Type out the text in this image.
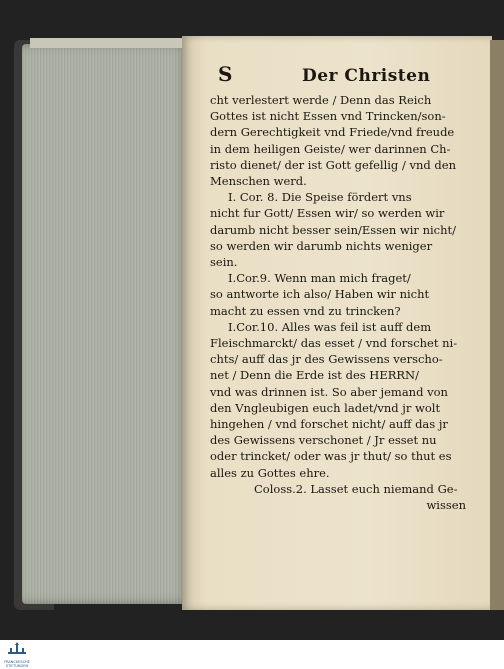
S	Der Christen
cht verlestert werde / Denn das Reich
Gottes ist nicht Essen vnd Trincken/son-
dern Gerechtigkeit vnd Friede/vnd freude
in dem heiligen Geiste/ wer darinnen Ch-
risto dienet/ der ist Gott gefellig / vnd den
Menschen werd.
I. Cor. 8. Die Speise fördert vns
nicht fur Gott/ Essen wir/ so werden wir
darumb nicht besser sein/Essen wir nicht/
so werden wir darumb nichts weniger
sein.
I.Cor.9. Wenn man mich fraget/
so antworte ich also/ Haben wir nicht
macht zu essen vnd zu trincken?
I.Cor.10. Alles was feil ist auff dem
Fleischmarckt/ das esset / vnd forschet ni-
chts/ auff das jr des Gewissens verscho-
net / Denn die Erde ist des HERRN/
vnd was drinnen ist. So aber jemand von
den Vngleubigen euch ladet/vnd jr wolt
hingehen / vnd forschet nicht/ auff das jr
des Gewissens verschonet / Jr esset nu
oder trincket/ oder was jr thut/ so thut es
alles zu Gottes ehre.
Coloss.2. Lasset euch niemand Ge-
wissen
FRANCKESCHE STIFTUNGEN
